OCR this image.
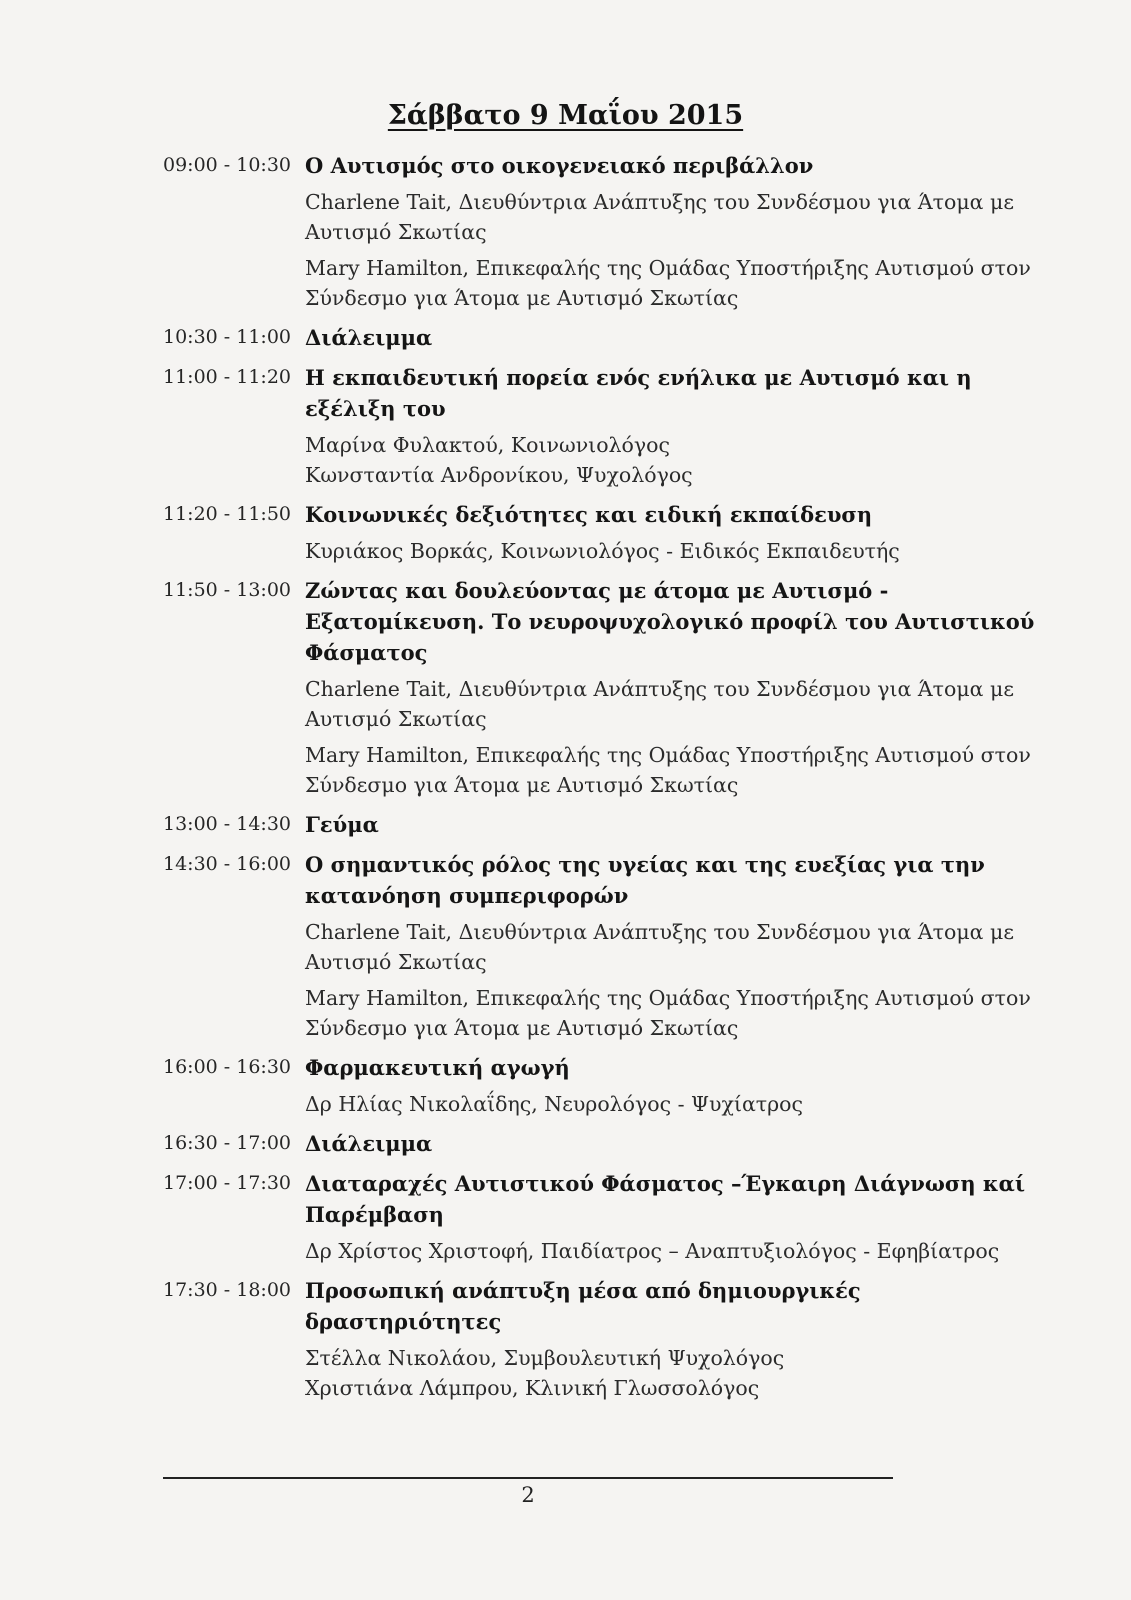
Σάββατο 9 Μαΐου 2015
09:00 - 10:30 Ο Αυτισμός στο οικογενειακό περιβάλλον

Charlene Tait, Διευθύντρια Ανάπτυξης του Συνδέσμου για Άτομα με
Αυτισμό Σκωτίας

Mary Hamilton, Επικεφαλής της Ομάδας Υποστήριξης Αυτισμού στον
Σύνδεσμο για Άτομα με Αυτισμό Σκωτίας

10:30 - 11:00 Διάλειμμα
11:00 - 11:20 Η εκπαιδευτική πορεία ενός ενήλικα με Αυτισμό και η
εξέλιξη του

Μαρίνα Φυλακτού, Κοινωνιολόγος
Κωνσταντία Ανδρονίκου, Ψυχολόγος

11:20 - 11:50 Κοινωνικές δεξιότητες και ειδική εκπαίδευση

Κυριάκος Βορκάς, Κοινωνιολόγος - Ειδικός Εκπαιδευτής

11:50 - 13:00 Ζώντας και δουλεύοντας με άτομα με Αυτισμό -
Εξατομίκευση. Το νευροψυχολογικό προφίλ του Αυτιστικού
Φάσματος

Charlene Tait, Διευθύντρια Ανάπτυξης του Συνδέσμου για Άτομα με
Αυτισμό Σκωτίας

Mary Hamilton, Επικεφαλής της Ομάδας Υποστήριξης Αυτισμού στον
Σύνδεσμο για Άτομα με Αυτισμό Σκωτίας

13:00 - 14:30 Γεύμα
14:30 - 16:00 Ο σημαντικός ρόλος της υγείας και της ευεξίας για την
κατανόηση συμπεριφορών

Charlene Tait, Διευθύντρια Ανάπτυξης του Συνδέσμου για Άτομα με
Αυτισμό Σκωτίας

Mary Hamilton, Επικεφαλής της Ομάδας Υποστήριξης Αυτισμού στον
Σύνδεσμο για Άτομα με Αυτισμό Σκωτίας

16:00 - 16:30 Φαρμακευτική αγωγή

Δρ Ηλίας Νικολαΐδης, Νευρολόγος - Ψυχίατρος

16:30 - 17:00 Διάλειμμα
17:00 - 17:30 Διαταραχές Αυτιστικού Φάσματος –Έγκαιρη Διάγνωση καί
Παρέμβαση

Δρ Χρίστος Χριστοφή, Παιδίατρος – Αναπτυξιολόγος - Εφηβίατρος

17:30 - 18:00 Προσωπική ανάπτυξη μέσα από δημιουργικές
δραστηριότητες

Στέλλα Νικολάου, Συμβουλευτική Ψυχολόγος
Χριστιάνα Λάμπρου, Κλινική Γλωσσολόγος

2
